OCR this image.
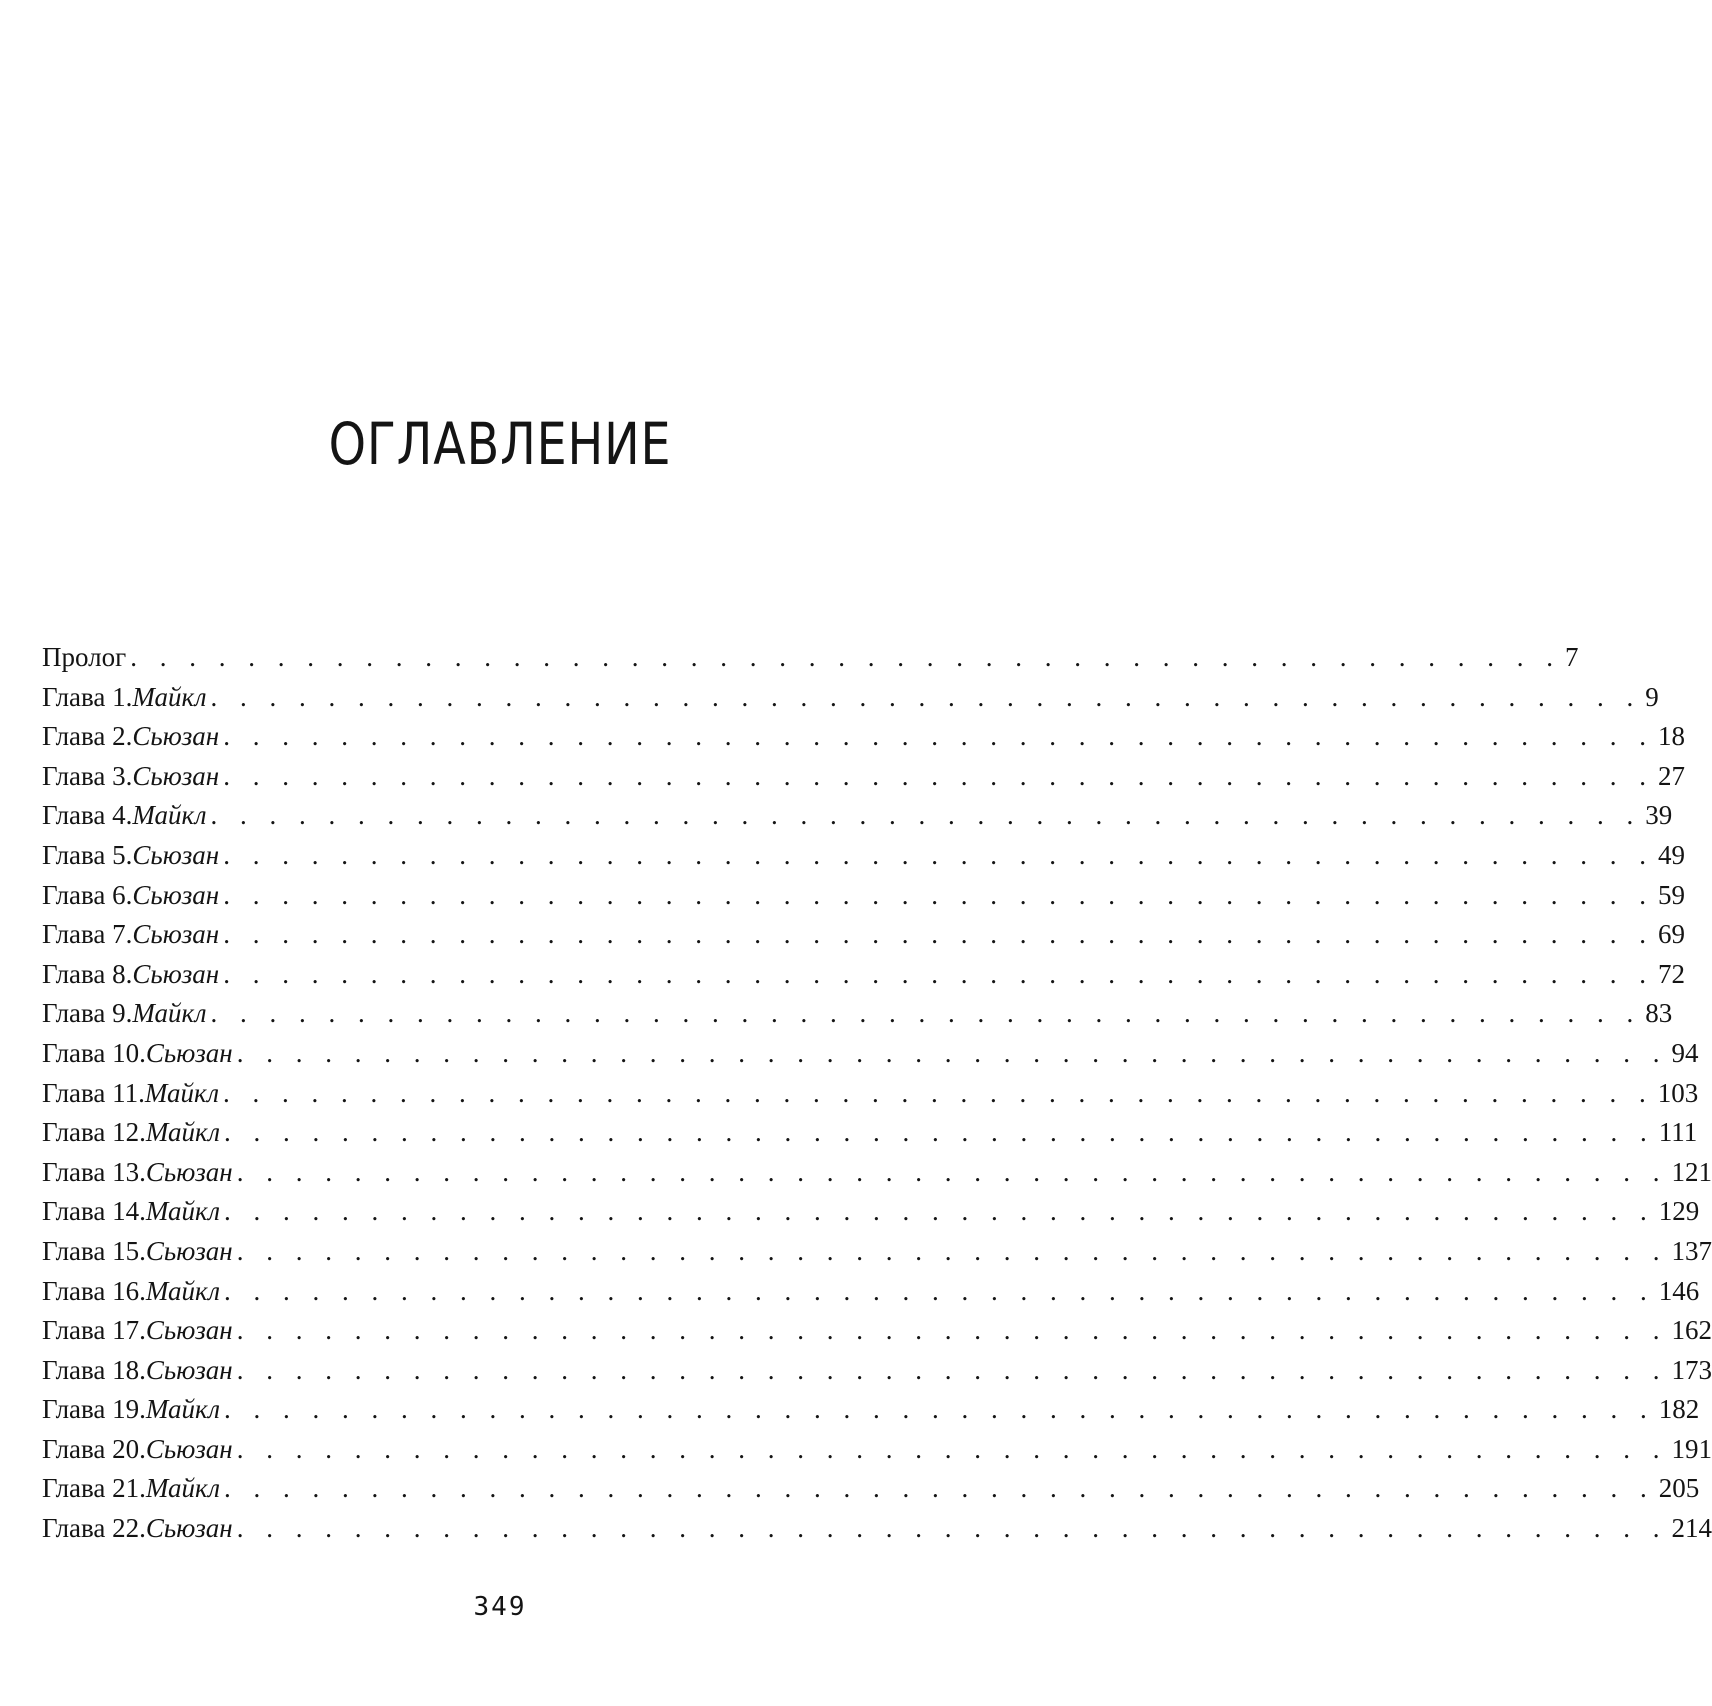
ОГЛАВЛЕНИЕ
Пролог . . . . . . . . . . . . . . . . . . . . . . . . . . . . . . . . . . . . . . . . . . . . . . . . . 7
Глава 1. Майкл . . . . . . . . . . . . . . . . . . . . . . . . . . . . . . . . . . . . . . . . . . . . . . . . . 9
Глава 2. Сьюзан . . . . . . . . . . . . . . . . . . . . . . . . . . . . . . . . . . . . . . . . . . . . . . . . . 18
Глава 3. Сьюзан . . . . . . . . . . . . . . . . . . . . . . . . . . . . . . . . . . . . . . . . . . . . . . . . . 27
Глава 4. Майкл . . . . . . . . . . . . . . . . . . . . . . . . . . . . . . . . . . . . . . . . . . . . . . . . . 39
Глава 5. Сьюзан . . . . . . . . . . . . . . . . . . . . . . . . . . . . . . . . . . . . . . . . . . . . . . . . . 49
Глава 6. Сьюзан . . . . . . . . . . . . . . . . . . . . . . . . . . . . . . . . . . . . . . . . . . . . . . . . . 59
Глава 7. Сьюзан . . . . . . . . . . . . . . . . . . . . . . . . . . . . . . . . . . . . . . . . . . . . . . . . . 69
Глава 8. Сьюзан . . . . . . . . . . . . . . . . . . . . . . . . . . . . . . . . . . . . . . . . . . . . . . . . . 72
Глава 9. Майкл . . . . . . . . . . . . . . . . . . . . . . . . . . . . . . . . . . . . . . . . . . . . . . . . . 83
Глава 10. Сьюзан . . . . . . . . . . . . . . . . . . . . . . . . . . . . . . . . . . . . . . . . . . . . . . . . . 94
Глава 11. Майкл . . . . . . . . . . . . . . . . . . . . . . . . . . . . . . . . . . . . . . . . . . . . . . . . . 103
Глава 12. Майкл . . . . . . . . . . . . . . . . . . . . . . . . . . . . . . . . . . . . . . . . . . . . . . . . . 111
Глава 13. Сьюзан . . . . . . . . . . . . . . . . . . . . . . . . . . . . . . . . . . . . . . . . . . . . . . . . . 121
Глава 14. Майкл . . . . . . . . . . . . . . . . . . . . . . . . . . . . . . . . . . . . . . . . . . . . . . . . . 129
Глава 15. Сьюзан . . . . . . . . . . . . . . . . . . . . . . . . . . . . . . . . . . . . . . . . . . . . . . . . . 137
Глава 16. Майкл . . . . . . . . . . . . . . . . . . . . . . . . . . . . . . . . . . . . . . . . . . . . . . . . . 146
Глава 17. Сьюзан . . . . . . . . . . . . . . . . . . . . . . . . . . . . . . . . . . . . . . . . . . . . . . . . . 162
Глава 18. Сьюзан . . . . . . . . . . . . . . . . . . . . . . . . . . . . . . . . . . . . . . . . . . . . . . . . . 173
Глава 19. Майкл . . . . . . . . . . . . . . . . . . . . . . . . . . . . . . . . . . . . . . . . . . . . . . . . . 182
Глава 20. Сьюзан . . . . . . . . . . . . . . . . . . . . . . . . . . . . . . . . . . . . . . . . . . . . . . . . . 191
Глава 21. Майкл . . . . . . . . . . . . . . . . . . . . . . . . . . . . . . . . . . . . . . . . . . . . . . . . . 205
Глава 22. Сьюзан . . . . . . . . . . . . . . . . . . . . . . . . . . . . . . . . . . . . . . . . . . . . . . . . . 214
349
